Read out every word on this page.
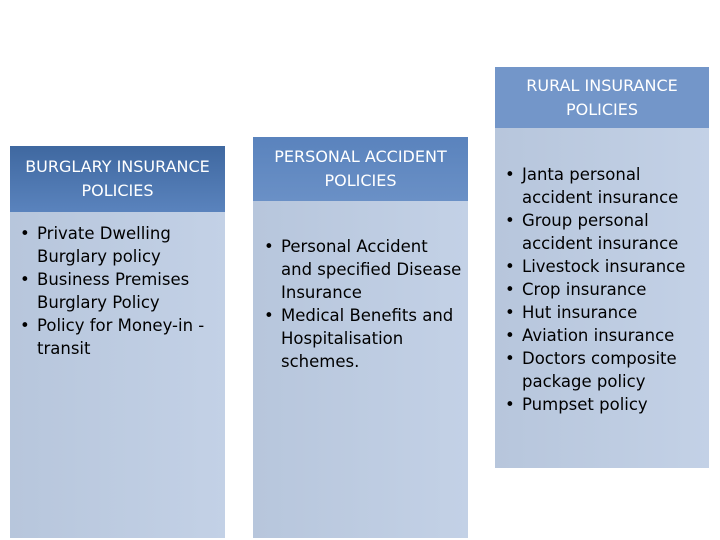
BURGLARY INSURANCE POLICIES
• Private Dwelling Burglary policy
• Business Premises Burglary Policy
• Policy for Money-in -transit
PERSONAL ACCIDENT POLICIES
• Personal Accident and specified Disease Insurance
• Medical Benefits and Hospitalisation schemes.
RURAL INSURANCE POLICIES
• Janta personal accident insurance
• Group personal accident insurance
• Livestock insurance
• Crop insurance
• Hut insurance
• Aviation insurance
• Doctors composite package policy
• Pumpset policy
